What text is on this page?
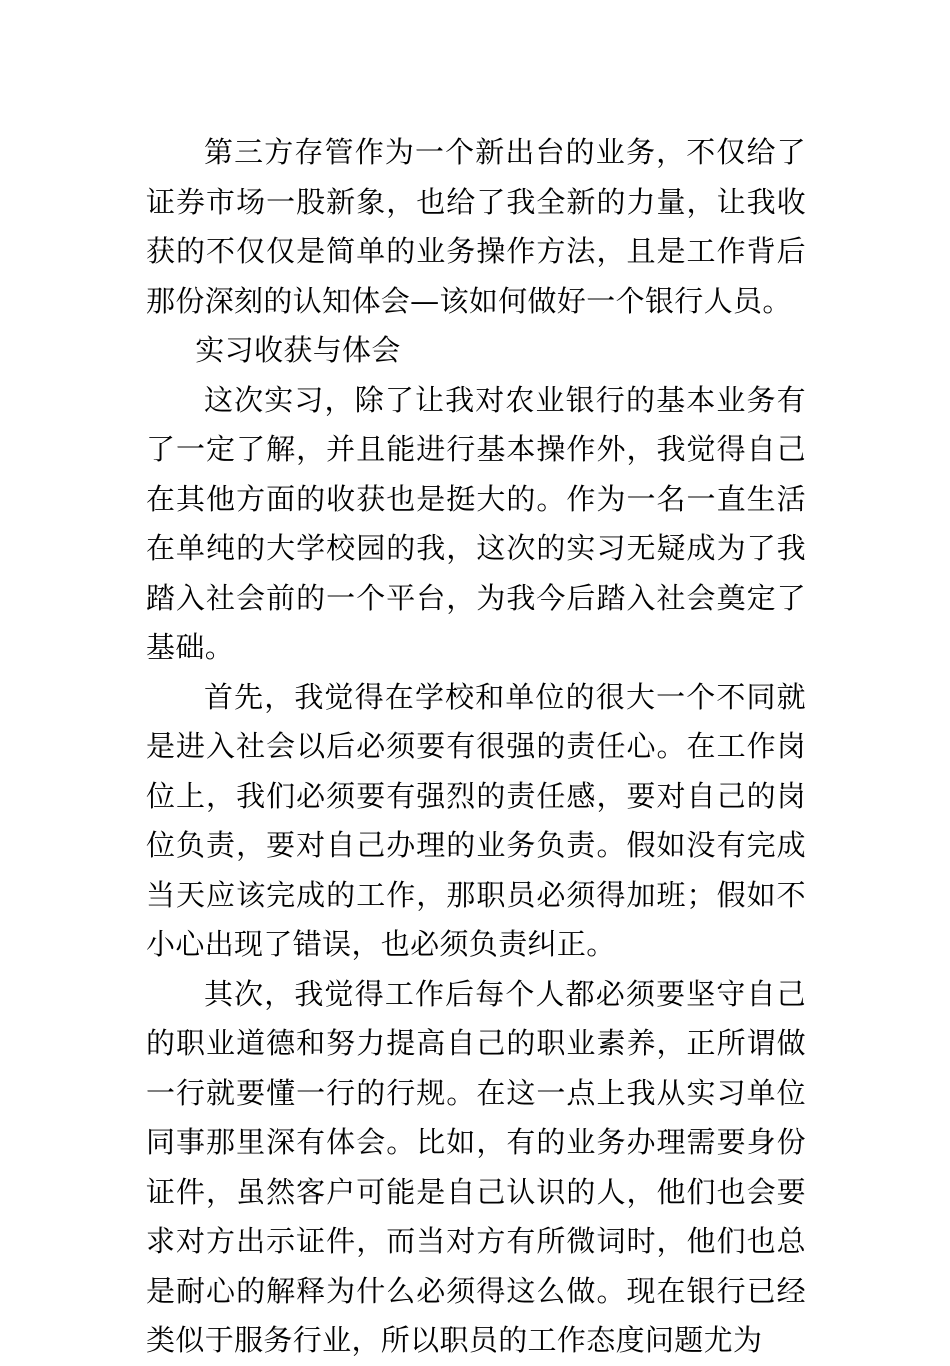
第三方存管作为一个新出台的业务，不仅给了证券市场一股新象，也给了我全新的力量，让我收获的不仅仅是简单的业务操作方法，且是工作背后那份深刻的认知体会—该如何做好一个银行人员。

实习收获与体会

这次实习，除了让我对农业银行的基本业务有了一定了解，并且能进行基本操作外，我觉得自己在其他方面的收获也是挺大的。作为一名一直生活在单纯的大学校园的我，这次的实习无疑成为了我踏入社会前的一个平台，为我今后踏入社会奠定了基础。

首先，我觉得在学校和单位的很大一个不同就是进入社会以后必须要有很强的责任心。在工作岗位上，我们必须要有强烈的责任感，要对自己的岗位负责，要对自己办理的业务负责。假如没有完成当天应该完成的工作，那职员必须得加班；假如不小心出现了错误，也必须负责纠正。

其次，我觉得工作后每个人都必须要坚守自己的职业道德和努力提高自己的职业素养，正所谓做一行就要懂一行的行规。在这一点上我从实习单位同事那里深有体会。比如，有的业务办理需要身份证件，虽然客户可能是自己认识的人，他们也会要求对方出示证件，而当对方有所微词时，他们也总是耐心的解释为什么必须得这么做。现在银行已经类似于服务行业，所以职员的工作态度问题尤为
